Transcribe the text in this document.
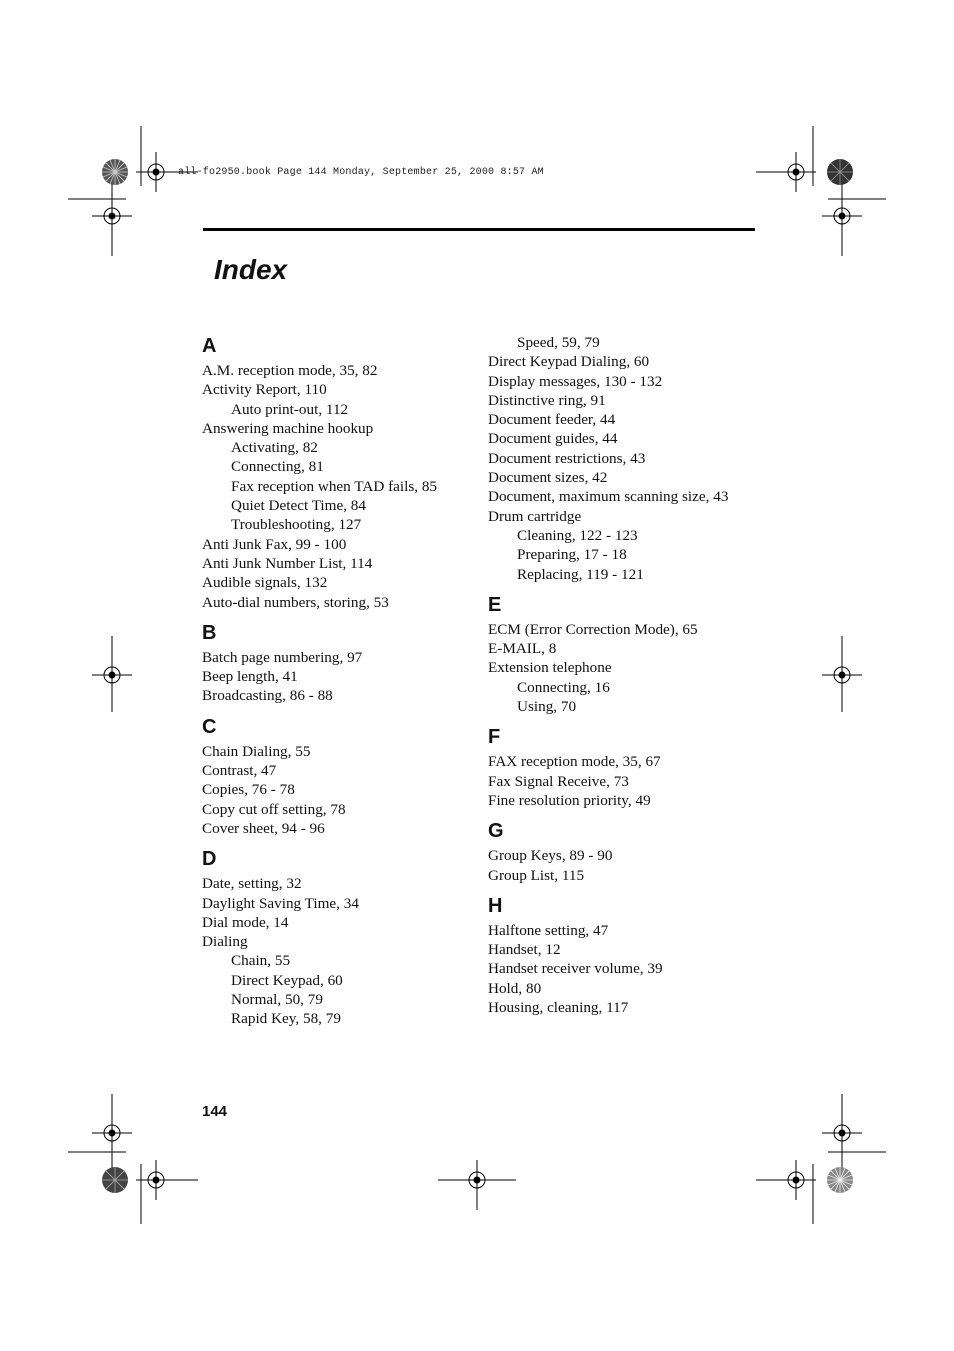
all-fo2950.book Page 144 Monday, September 25, 2000 8:57 AM
Index
A
A.M. reception mode, 35, 82
Activity Report, 110
Auto print-out, 112
Answering machine hookup
Activating, 82
Connecting, 81
Fax reception when TAD fails, 85
Quiet Detect Time, 84
Troubleshooting, 127
Anti Junk Fax, 99 - 100
Anti Junk Number List, 114
Audible signals, 132
Auto-dial numbers, storing, 53
B
Batch page numbering, 97
Beep length, 41
Broadcasting, 86 - 88
C
Chain Dialing, 55
Contrast, 47
Copies, 76 - 78
Copy cut off setting, 78
Cover sheet, 94 - 96
D
Date, setting, 32
Daylight Saving Time, 34
Dial mode, 14
Dialing
Chain, 55
Direct Keypad, 60
Normal, 50, 79
Rapid Key, 58, 79
Speed, 59, 79
Direct Keypad Dialing, 60
Display messages, 130 - 132
Distinctive ring, 91
Document feeder, 44
Document guides, 44
Document restrictions, 43
Document sizes, 42
Document, maximum scanning size, 43
Drum cartridge
Cleaning, 122 - 123
Preparing, 17 - 18
Replacing, 119 - 121
E
ECM (Error Correction Mode), 65
E-MAIL, 8
Extension telephone
Connecting, 16
Using, 70
F
FAX reception mode, 35, 67
Fax Signal Receive, 73
Fine resolution priority, 49
G
Group Keys, 89 - 90
Group List, 115
H
Halftone setting, 47
Handset, 12
Handset receiver volume, 39
Hold, 80
Housing, cleaning, 117
144
